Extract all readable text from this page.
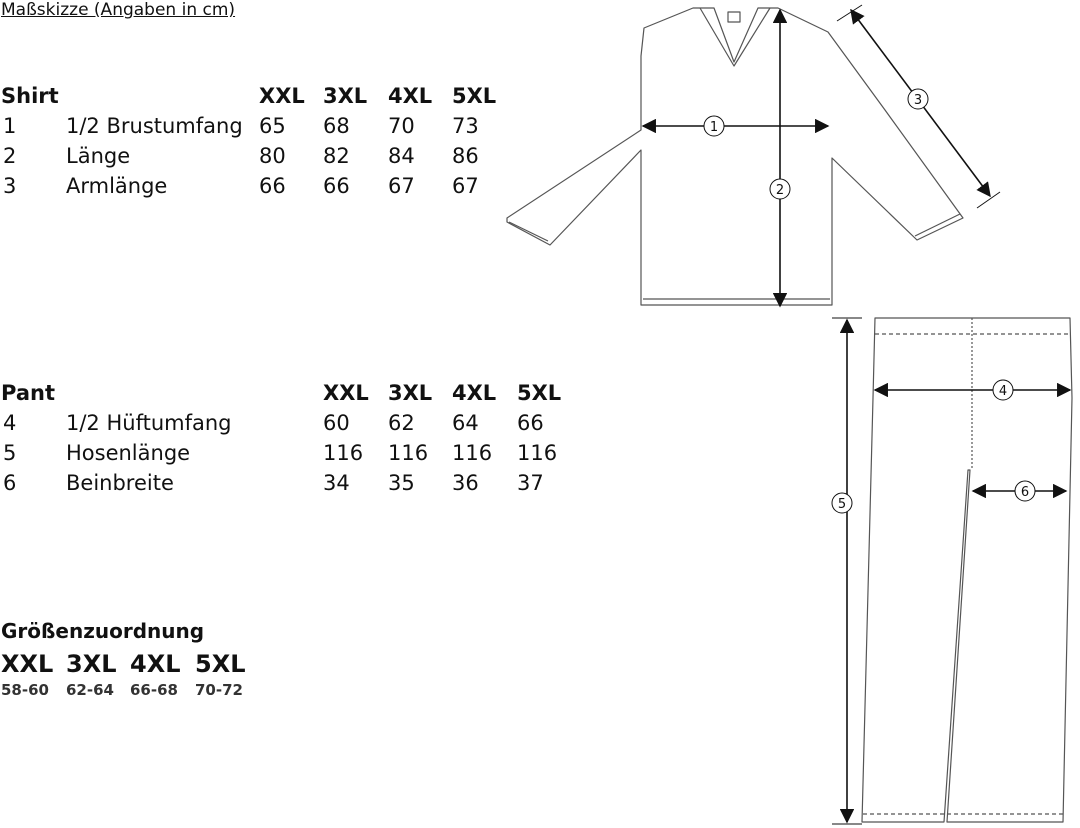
Maßskizze (Angaben in cm)
Shirt	XXL 3XL 4XL 5XL
1 1/2 Brustumfang 65 68 70 73
2 Länge	80 82 84 86
3 Armlänge	66 66 67 67
Pant	XXL 3XL 4XL 5XL
4 1/2 Hüftumfang	60 62 64 66
5 Hosenlänge	116 116 116 116
6 Beinbreite	34 35 36 37
Größenzuordnung
XXL 3XL 4XL 5XL
58-60 62-64 66-68 70-72
1
2
3
4
5
6
